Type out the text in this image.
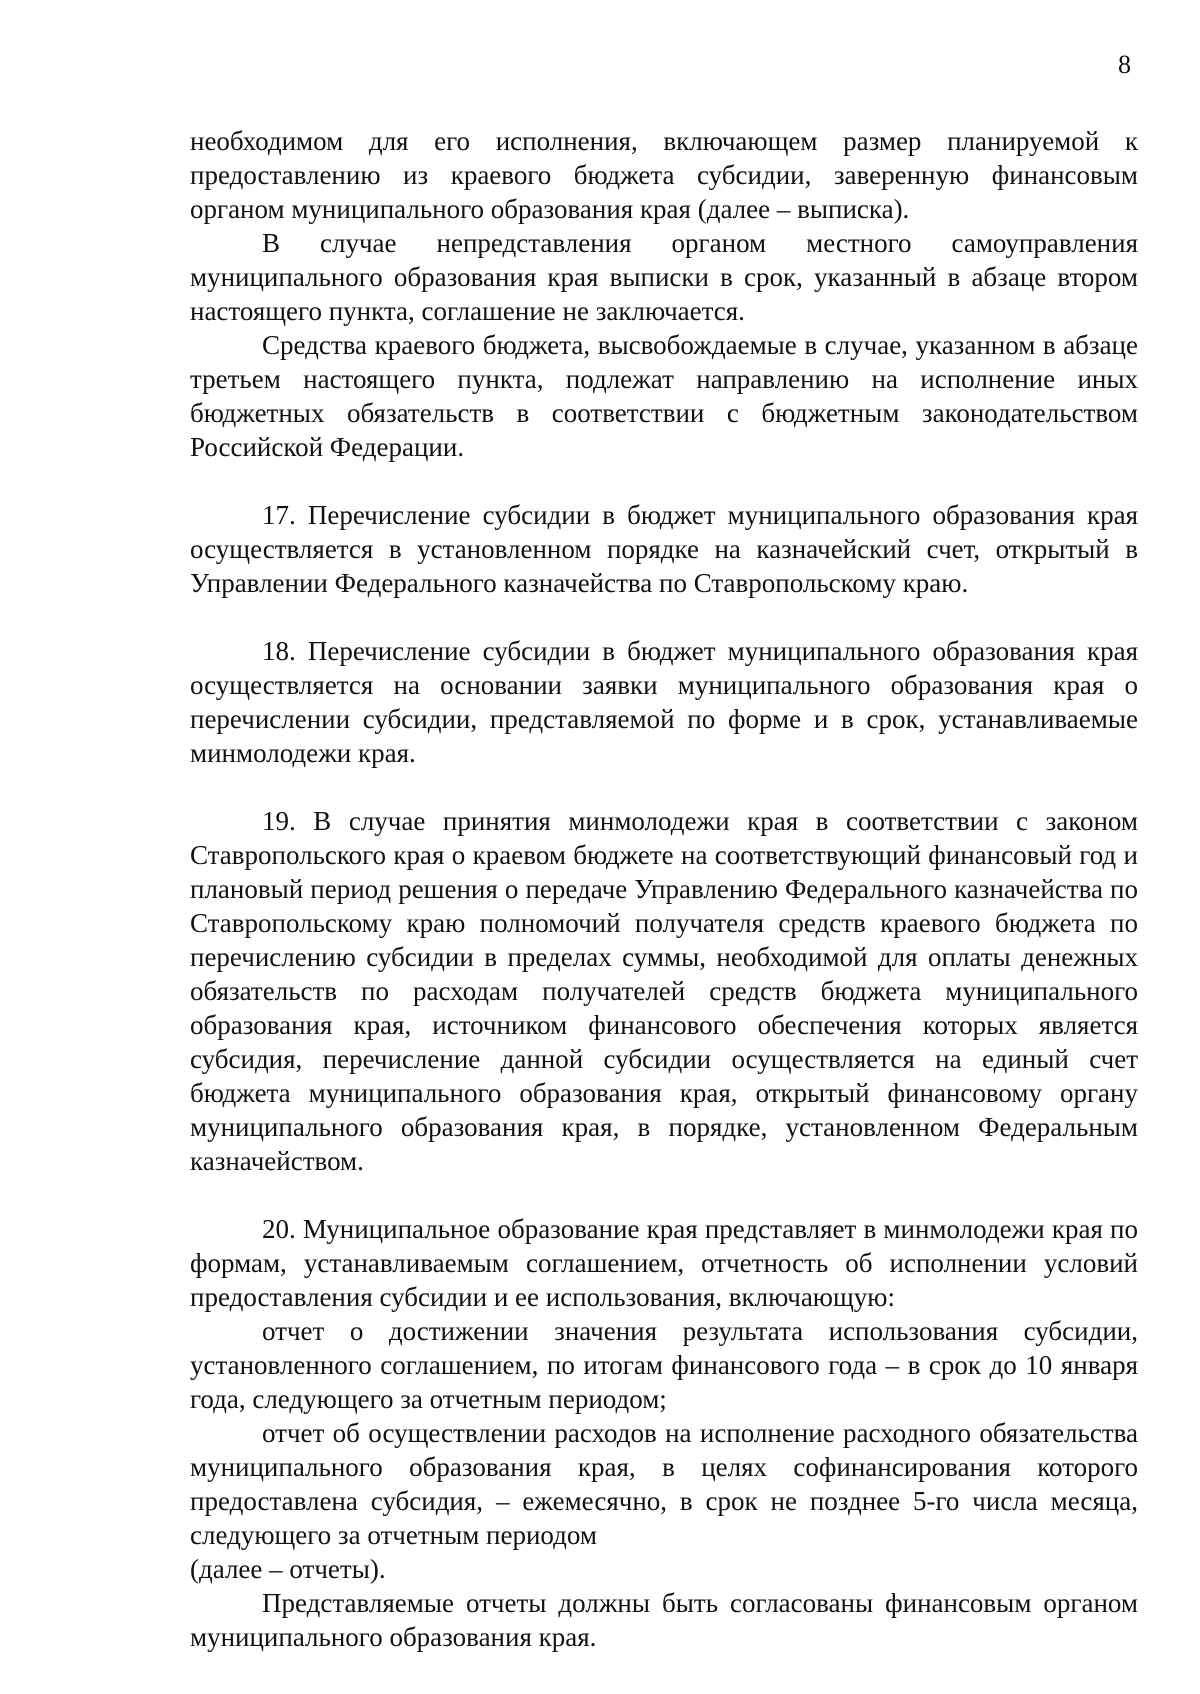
8

необходимом для его исполнения, включающем размер планируемой к предоставлению из краевого бюджета субсидии, заверенную финансовым органом муниципального образования края (далее – выписка).

В случае непредставления органом местного самоуправления муниципального образования края выписки в срок, указанный в абзаце втором настоящего пункта, соглашение не заключается.

Средства краевого бюджета, высвобождаемые в случае, указанном в абзаце третьем настоящего пункта, подлежат направлению на исполнение иных бюджетных обязательств в соответствии с бюджетным законодательством Российской Федерации.

17. Перечисление субсидии в бюджет муниципального образования края осуществляется в установленном порядке на казначейский счет, открытый в Управлении Федерального казначейства по Ставропольскому краю.

18. Перечисление субсидии в бюджет муниципального образования края осуществляется на основании заявки муниципального образования края о перечислении субсидии, представляемой по форме и в срок, устанавливаемые минмолодежи края.

19. В случае принятия минмолодежи края в соответствии с законом Ставропольского края о краевом бюджете на соответствующий финансовый год и плановый период решения о передаче Управлению Федерального казначейства по Ставропольскому краю полномочий получателя средств краевого бюджета по перечислению субсидии в пределах суммы, необходимой для оплаты денежных обязательств по расходам получателей средств бюджета муниципального образования края, источником финансового обеспечения которых является субсидия, перечисление данной субсидии осуществляется на единый счет бюджета муниципального образования края, открытый финансовому органу муниципального образования края, в порядке, установленном Федеральным казначейством.

20. Муниципальное образование края представляет в минмолодежи края по формам, устанавливаемым соглашением, отчетность об исполнении условий предоставления субсидии и ее использования, включающую:

отчет о достижении значения результата использования субсидии, установленного соглашением, по итогам финансового года – в срок до 10 января года, следующего за отчетным периодом;

отчет об осуществлении расходов на исполнение расходного обязательства муниципального образования края, в целях софинансирования которого предоставлена субсидия, – ежемесячно, в срок не позднее 5-го числа месяца, следующего за отчетным периодом

(далее – отчеты).

Представляемые отчеты должны быть согласованы финансовым органом муниципального образования края.
